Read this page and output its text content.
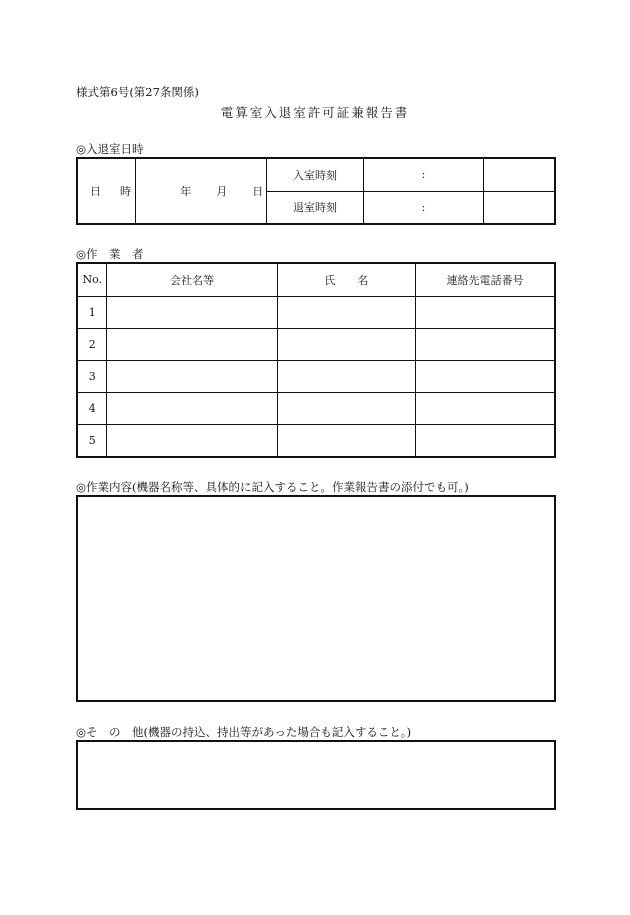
様式第6号(第27条関係)
電算室入退室許可証兼報告書
◎入退室日時
日 時	年 月 日	入室時刻	:	
		退室時刻	:	
◎作　業　者
No.	会社名等	氏　　名	連絡先電話番号
1			
2			
3			
4			
5			
◎作業内容(機器名称等、具体的に記入すること。作業報告書の添付でも可。)
◎そ　の　他(機器の持込、持出等があった場合も記入すること。)
